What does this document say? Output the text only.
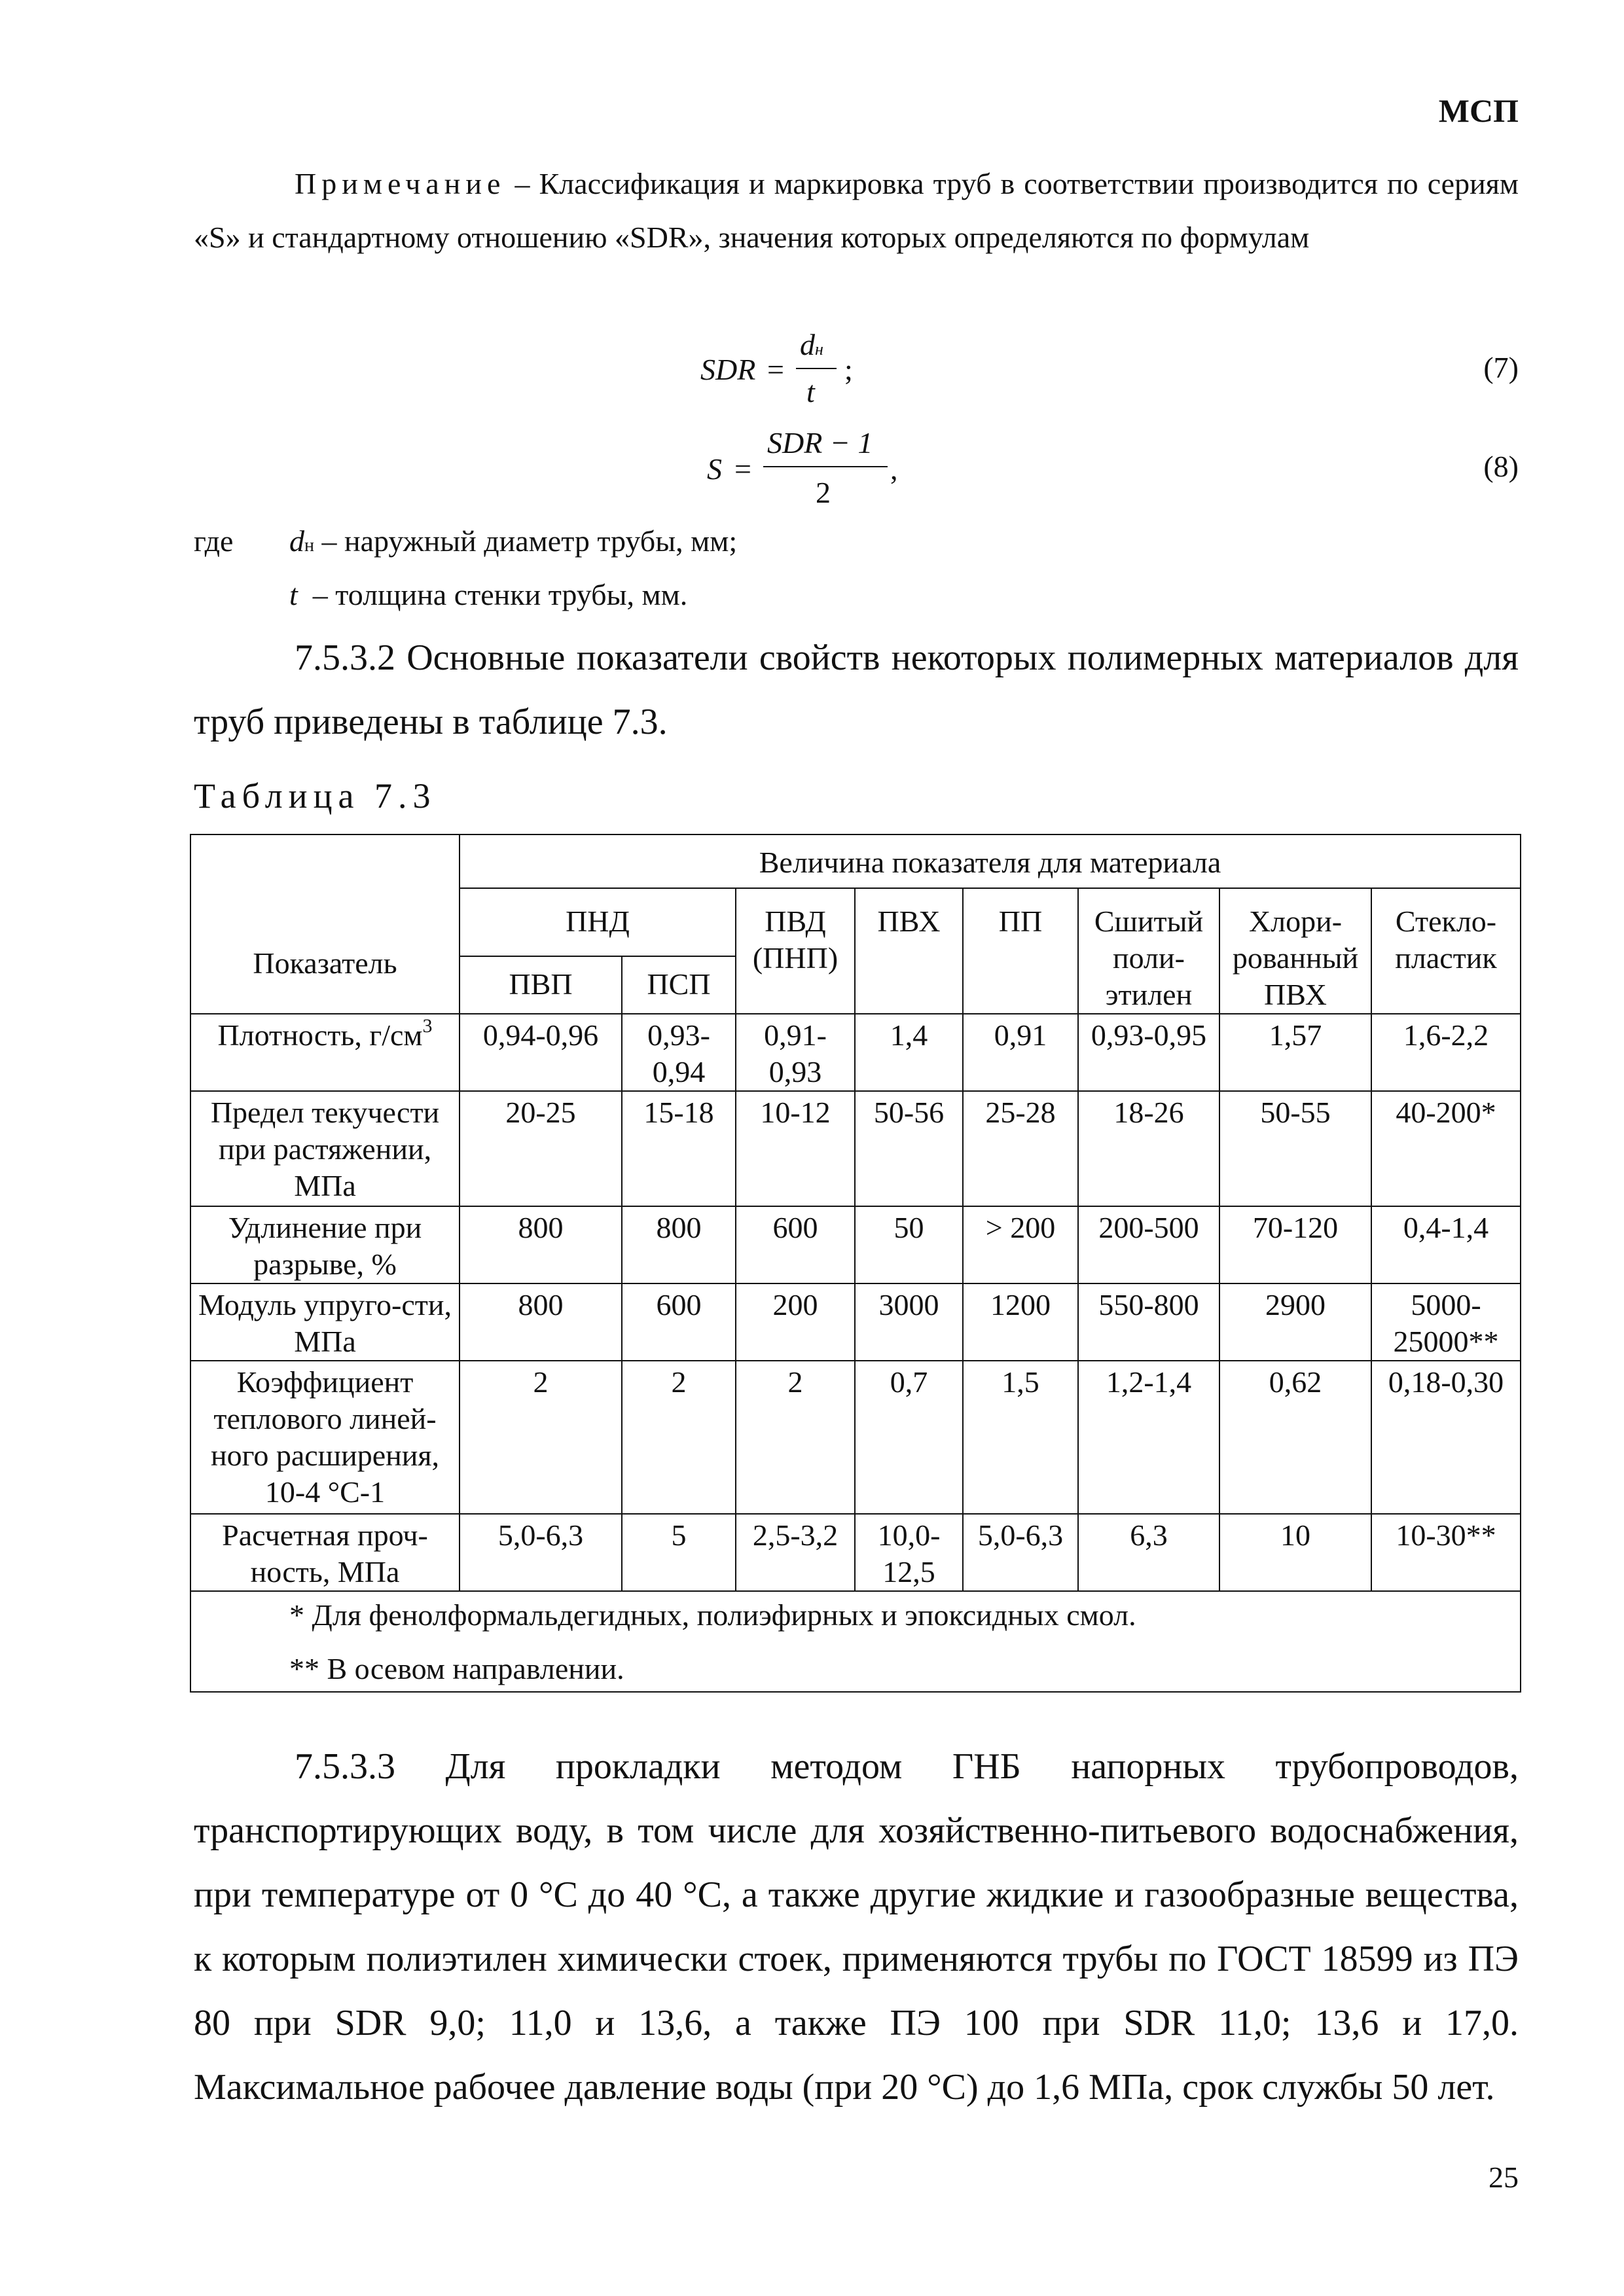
МСП
Примечание – Классификация и маркировка труб в соответствии производится по сериям «S» и стандартному отношению «SDR», значения которых определяются по формулам
SDR =
dн
t
;	(7)
S =
SDR − 1
2
,	(8)
где dн – наружный диаметр трубы, мм;
t  – толщина стенки трубы, мм.
7.5.3.2 Основные показатели свойств некоторых полимерных материалов для труб приведены в таблице 7.3.
Таблица 7.3
Показатель	Величина показателя для материала							
	ПНД		ПВД (ПНП)	ПВХ	ПП	Сшитый поли-этилен	Хлори-рованный ПВХ	Стекло-пластик
	ПВП	ПСП						
Плотность, $г/см^3$	0,94-0,96	0,93-0,94	0,91-0,93	1,4	0,91	0,93-0,95	1,57	1,6-2,2
Предел текучести при растяжении, МПа	20-25	15-18	10-12	50-56	25-28	18-26	50-55	40-200*
Удлинение при разрыве, %	800	800	600	50	> 200	200-500	70-120	0,4-1,4
Модуль упруго-сти, МПа	800	600	200	3000	1200	550-800	2900	5000-25000**
Коэффициент теплового линей-ного расширения, 10-4 °С-1	2	2	2	0,7	1,5	1,2-1,4	0,62	0,18-0,30
Расчетная проч-ность, МПа	5,0-6,3	5	2,5-3,2	10,0-12,5	5,0-6,3	6,3	10	10-30**

* Для фенолформальдегидных, полиэфирных и эпоксидных смол.
** В осевом направлении.								
7.5.3.3 Для прокладки методом ГНБ напорных трубопроводов, транспортирующих воду, в том числе для хозяйственно-питьевого водоснабжения, при температуре от 0 °С до 40 °С, а также другие жидкие и газообразные вещества, к которым полиэтилен химически стоек, применяются трубы по ГОСТ 18599 из ПЭ 80 при SDR 9,0; 11,0 и 13,6, а также ПЭ 100 при SDR 11,0; 13,6 и 17,0. Максимальное рабочее давление воды (при 20 °С) до 1,6 МПа, срок службы 50 лет.
25
